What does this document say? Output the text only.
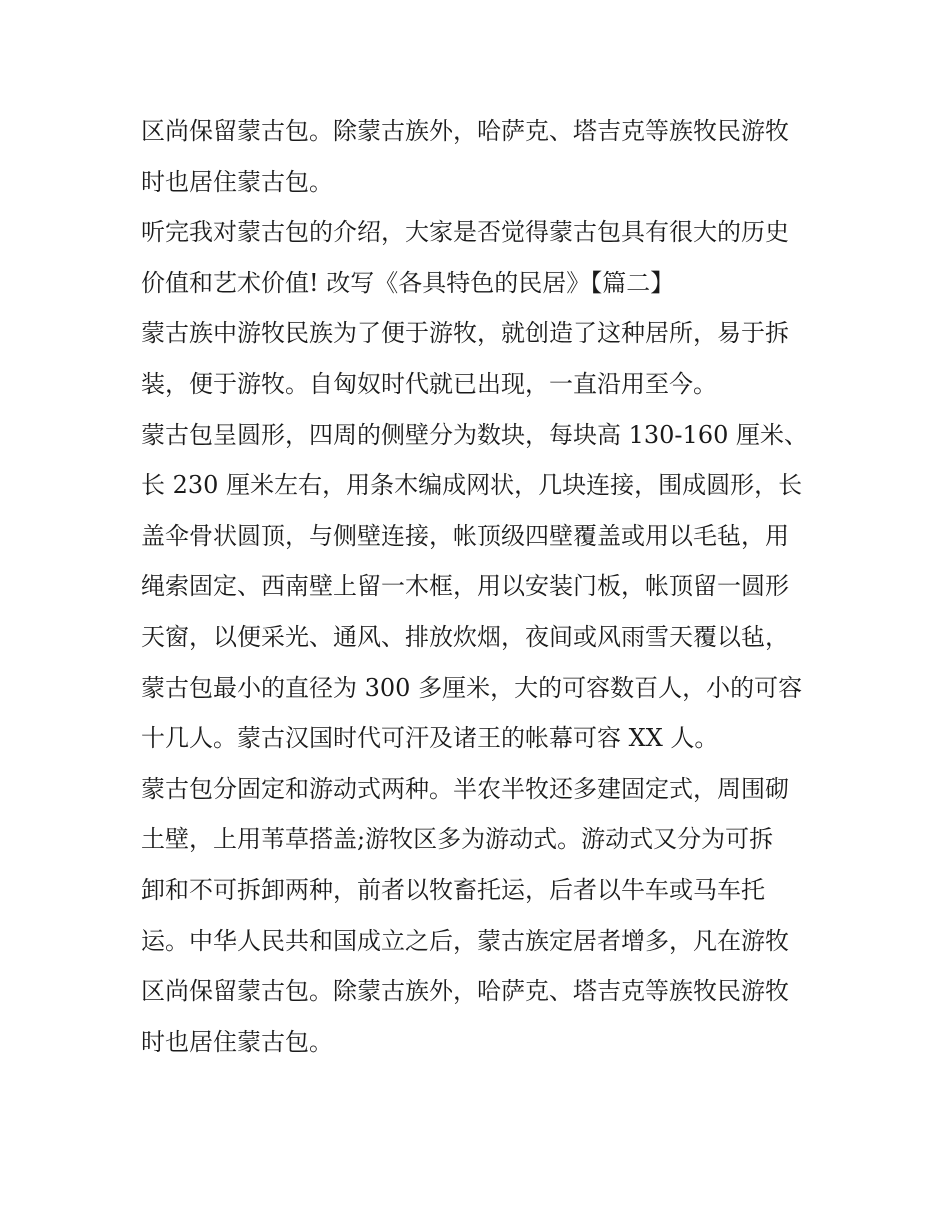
区尚保留蒙古包。除蒙古族外，哈萨克、塔吉克等族牧民游牧
时也居住蒙古包。
听完我对蒙古包的介绍，大家是否觉得蒙古包具有很大的历史
价值和艺术价值! 改写《各具特色的民居》【篇二】
蒙古族中游牧民族为了便于游牧，就创造了这种居所，易于拆
装，便于游牧。自匈奴时代就已出现，一直沿用至今。
蒙古包呈圆形，四周的侧壁分为数块，每块高 130-160 厘米、
长 230 厘米左右，用条木编成网状，几块连接，围成圆形，长
盖伞骨状圆顶，与侧壁连接，帐顶级四壁覆盖或用以毛毡，用
绳索固定、西南壁上留一木框，用以安装门板，帐顶留一圆形
天窗，以便采光、通风、排放炊烟，夜间或风雨雪天覆以毡，
蒙古包最小的直径为 300 多厘米，大的可容数百人，小的可容
十几人。蒙古汉国时代可汗及诸王的帐幕可容 XX 人。
蒙古包分固定和游动式两种。半农半牧还多建固定式，周围砌
土壁，上用苇草搭盖;游牧区多为游动式。游动式又分为可拆
卸和不可拆卸两种，前者以牧畜托运，后者以牛车或马车托
运。中华人民共和国成立之后，蒙古族定居者增多，凡在游牧
区尚保留蒙古包。除蒙古族外，哈萨克、塔吉克等族牧民游牧
时也居住蒙古包。
